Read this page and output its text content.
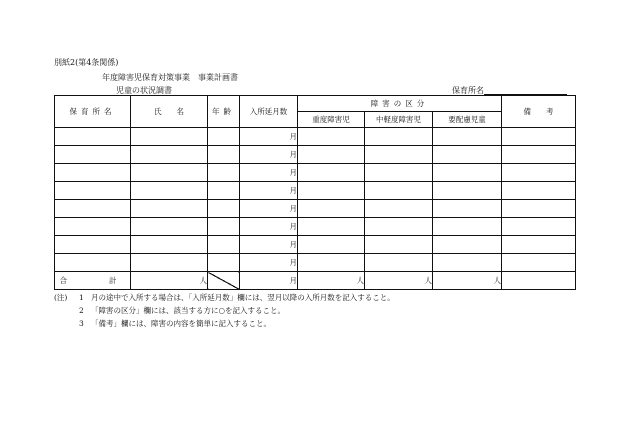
別紙2(第4条関係)
年度障害児保育対策事業　事業計画書
児童の状況調書	保育所名
保育所名	氏　　名	年齢	入所延月数	障害の区分			備　　考
				重度障害児	中軽度障害児	要配慮児童	
			月				
			月				
			月				
			月				
			月				
			月				
			月				
			月				
合　　計	人		月	人	人	人	
(注) 1 月の途中で入所する場合は、「入所延月数」欄には、翌月以降の入所月数を記入すること。
2 「障害の区分」欄には、該当する方に○を記入すること。
3 「備考」欄には、障害の内容を簡単に記入すること。
